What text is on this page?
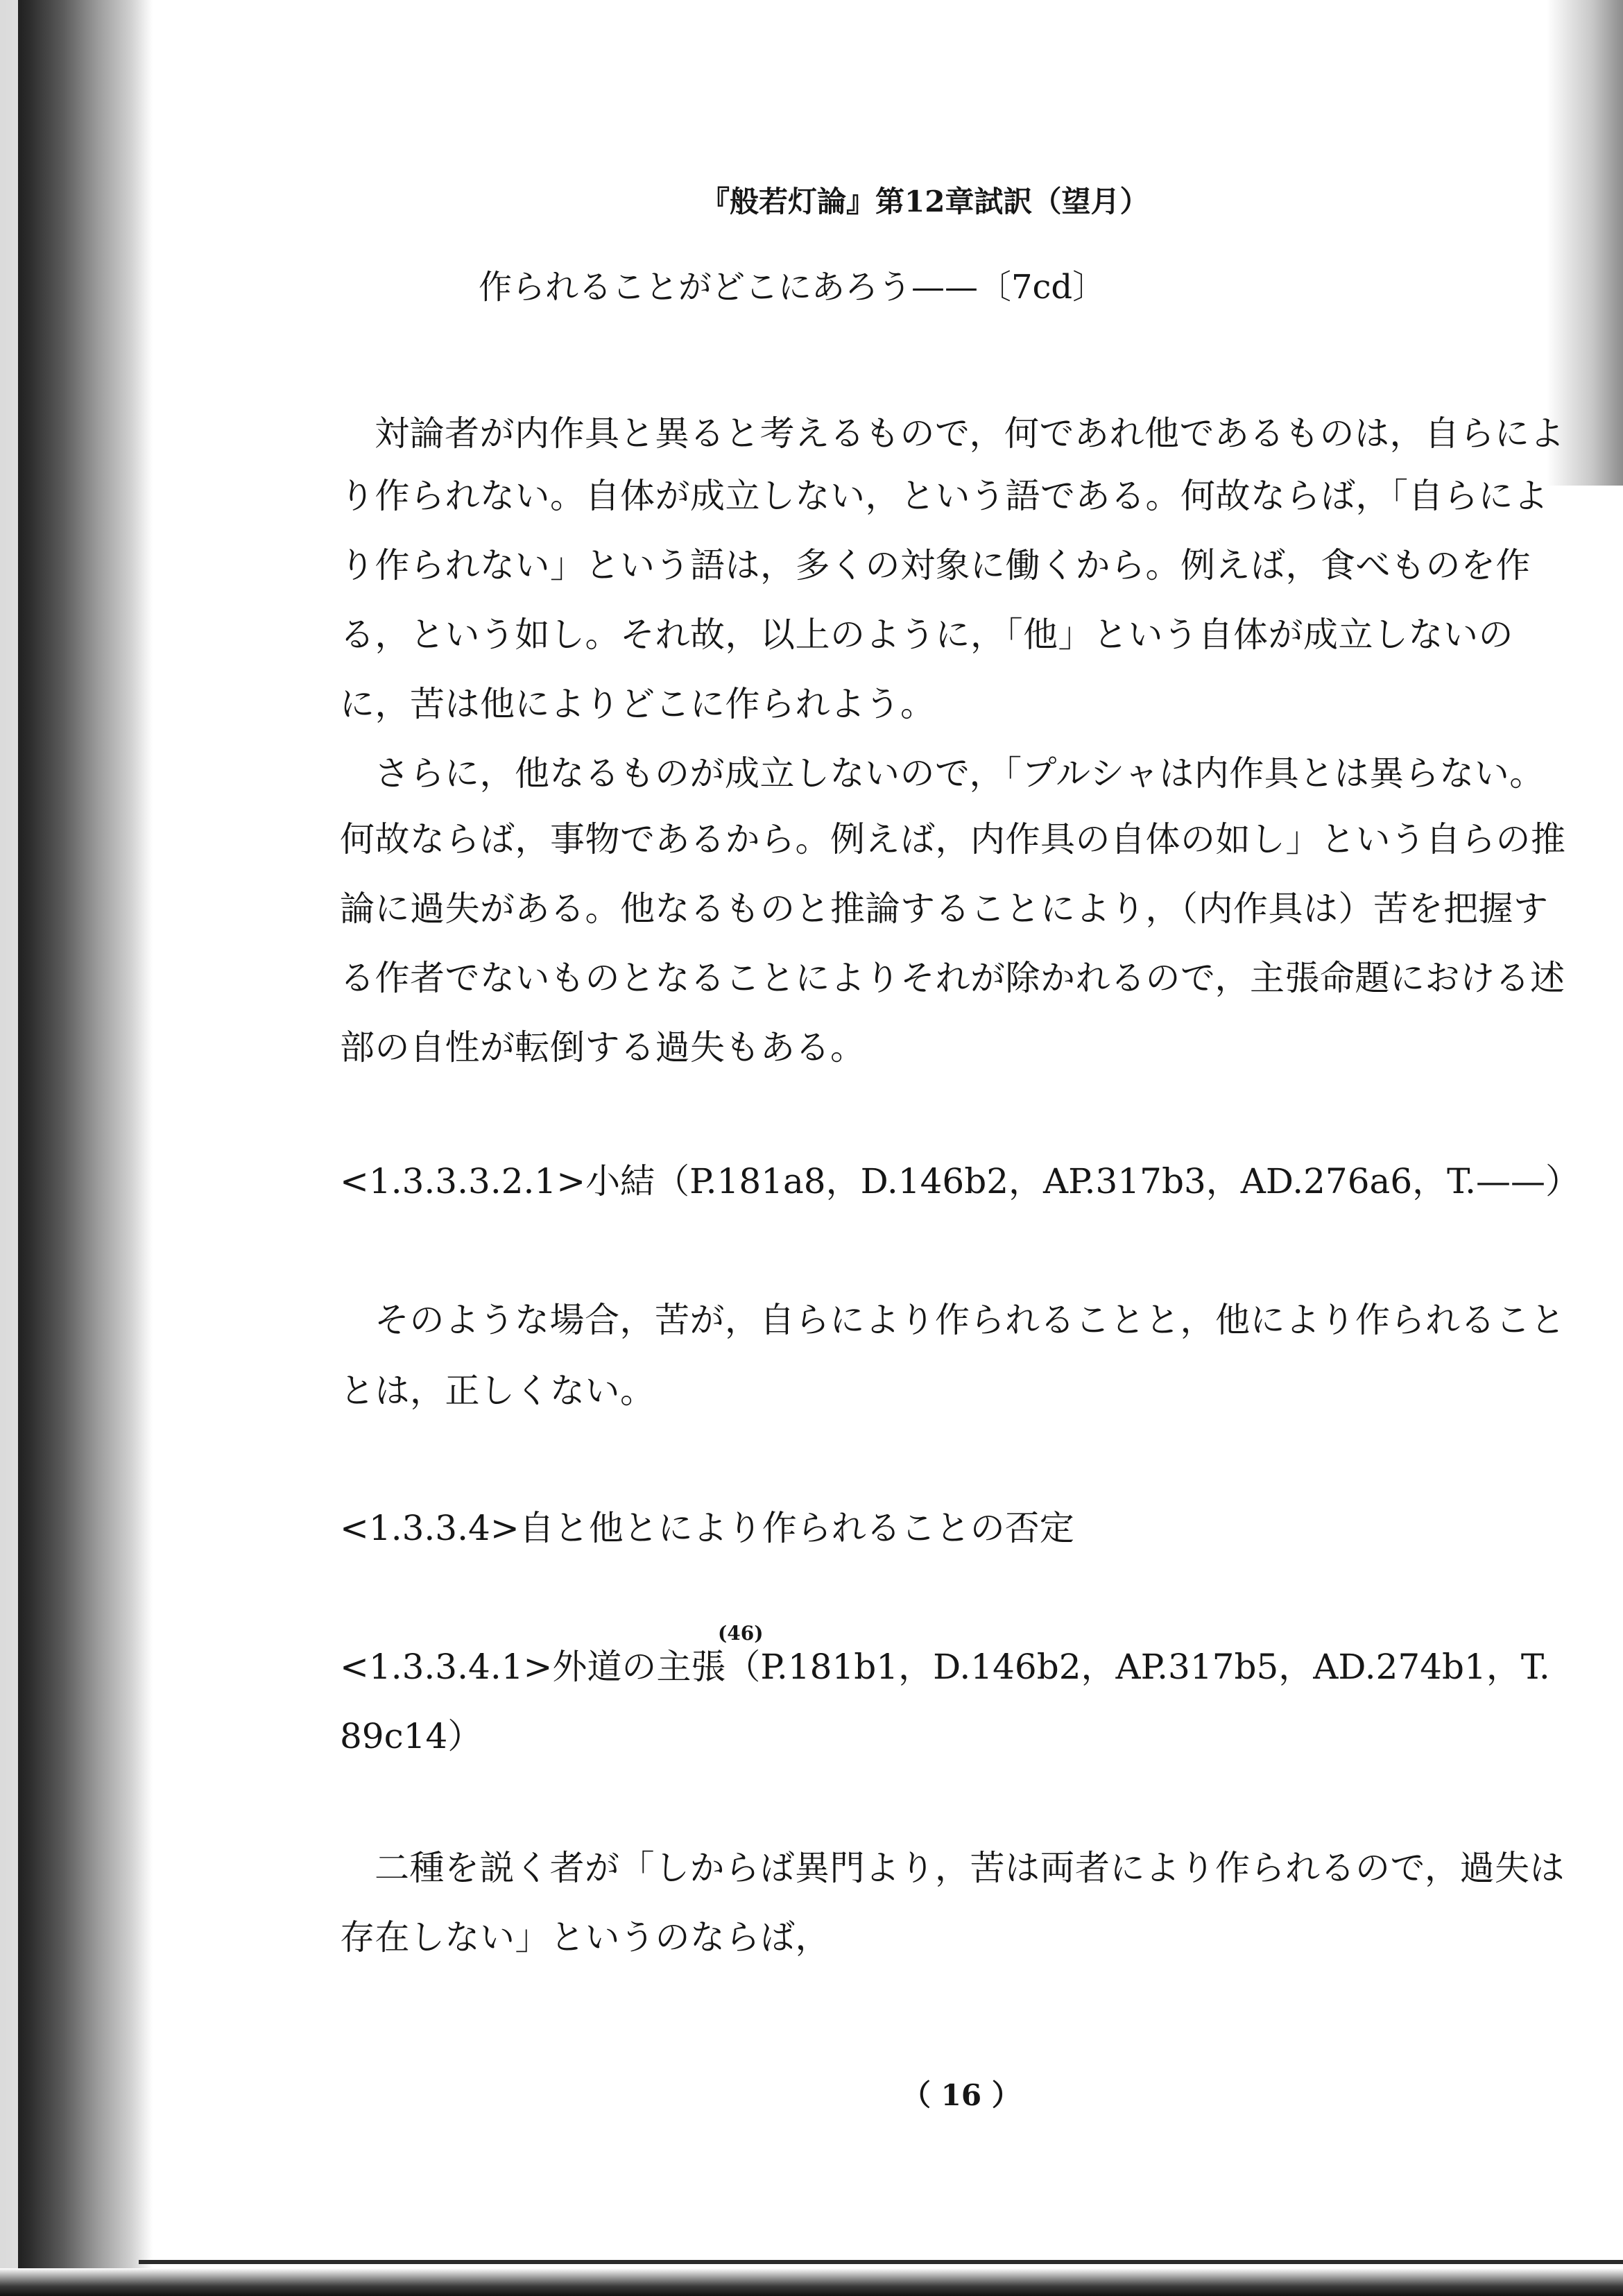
『般若灯論』第12章試訳（望月）
作られることがどこにあろう——〔7cd〕
対論者が内作具と異ると考えるもので，何であれ他であるものは，自らによ
り作られない。自体が成立しない，という語である。何故ならば，「自らによ
り作られない」という語は，多くの対象に働くから。例えば，食べものを作
る，という如し。それ故，以上のように，「他」という自体が成立しないの
に，苦は他によりどこに作られよう。
さらに，他なるものが成立しないので，「プルシャは内作具とは異らない。
何故ならば，事物であるから。例えば，内作具の自体の如し」という自らの推
論に過失がある。他なるものと推論することにより，（内作具は）苦を把握す
る作者でないものとなることによりそれが除かれるので，主張命題における述
部の自性が転倒する過失もある。
<1.3.3.3.2.1>小結（P.181a8，D.146b2，AP.317b3，AD.276a6，T.——）
そのような場合，苦が，自らにより作られることと，他により作られること
とは，正しくない。
<1.3.3.4>自と他とにより作られることの否定
(46)
<1.3.3.4.1>外道の主張（P.181b1，D.146b2，AP.317b5，AD.274b1，T.
89c14）
二種を説く者が「しからば異門より，苦は両者により作られるので，過失は
存在しない」というのならば，
（ 16 ）
